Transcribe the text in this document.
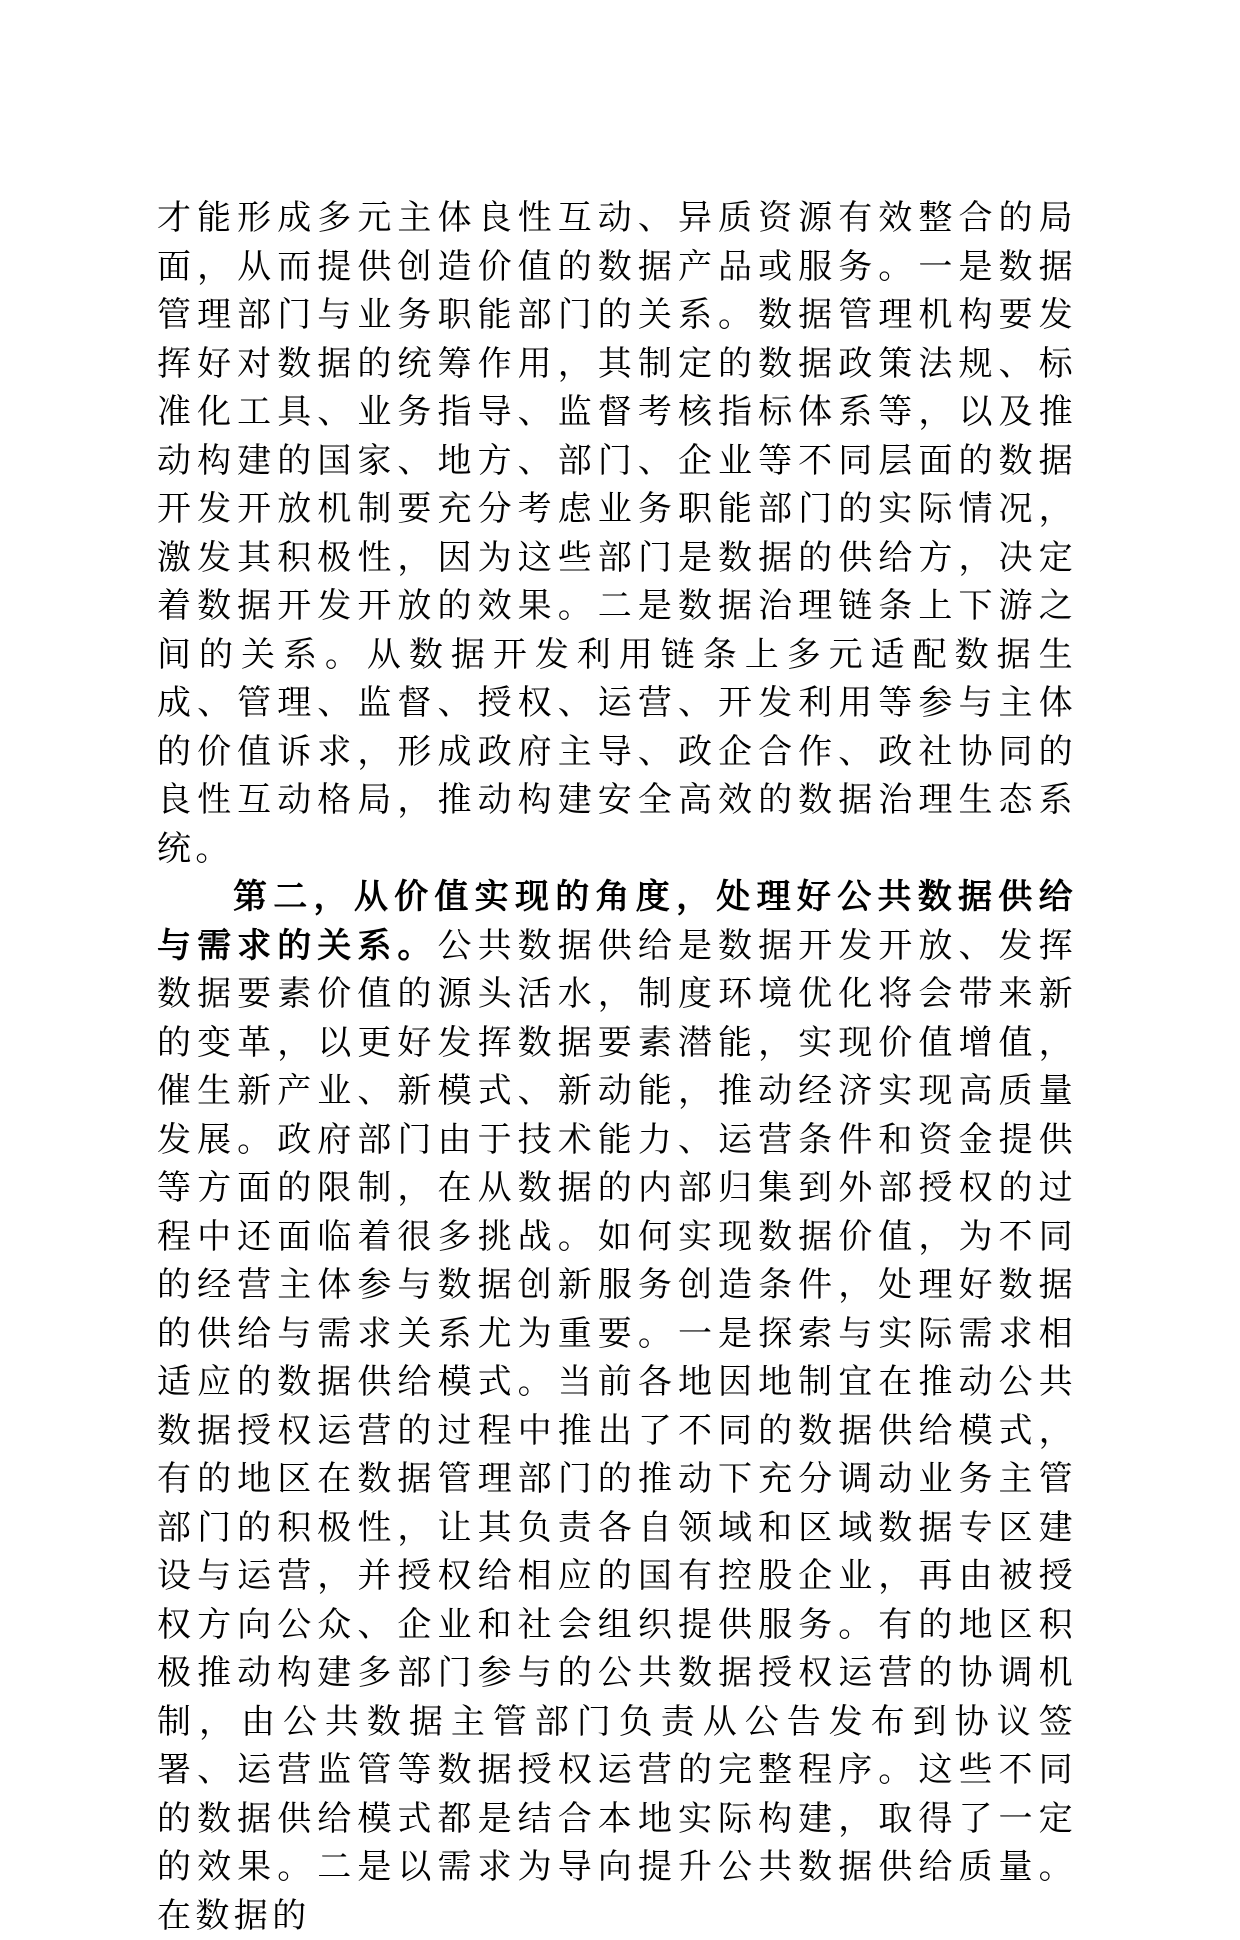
才能形成多元主体良性互动、异质资源有效整合的局面，从而提供创造价值的数据产品或服务。一是数据管理部门与业务职能部门的关系。数据管理机构要发挥好对数据的统筹作用，其制定的数据政策法规、标准化工具、业务指导、监督考核指标体系等，以及推动构建的国家、地方、部门、企业等不同层面的数据开发开放机制要充分考虑业务职能部门的实际情况，激发其积极性，因为这些部门是数据的供给方，决定着数据开发开放的效果。二是数据治理链条上下游之间的关系。从数据开发利用链条上多元适配数据生成、管理、监督、授权、运营、开发利用等参与主体的价值诉求，形成政府主导、政企合作、政社协同的良性互动格局，推动构建安全高效的数据治理生态系统。

第二，从价值实现的角度，处理好公共数据供给与需求的关系。公共数据供给是数据开发开放、发挥数据要素价值的源头活水，制度环境优化将会带来新的变革，以更好发挥数据要素潜能，实现价值增值，催生新产业、新模式、新动能，推动经济实现高质量发展。政府部门由于技术能力、运营条件和资金提供等方面的限制，在从数据的内部归集到外部授权的过程中还面临着很多挑战。如何实现数据价值，为不同的经营主体参与数据创新服务创造条件，处理好数据的供给与需求关系尤为重要。一是探索与实际需求相适应的数据供给模式。当前各地因地制宜在推动公共数据授权运营的过程中推出了不同的数据供给模式，有的地区在数据管理部门的推动下充分调动业务主管部门的积极性，让其负责各自领域和区域数据专区建设与运营，并授权给相应的国有控股企业，再由被授权方向公众、企业和社会组织提供服务。有的地区积极推动构建多部门参与的公共数据授权运营的协调机制，由公共数据主管部门负责从公告发布到协议签署、运营监管等数据授权运营的完整程序。这些不同的数据供给模式都是结合本地实际构建，取得了一定的效果。二是以需求为导向提升公共数据供给质量。在数据的
